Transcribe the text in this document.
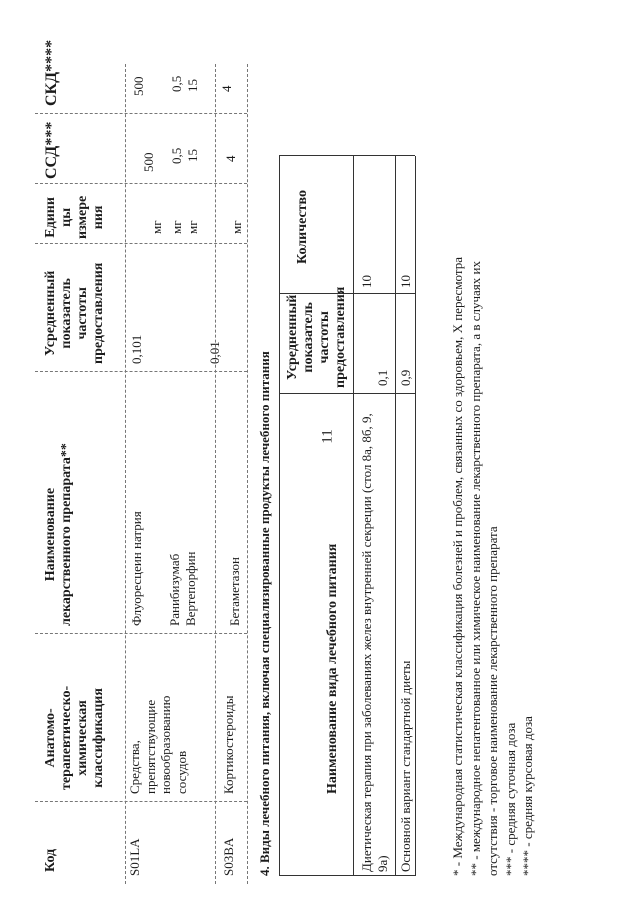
11
Код
Анатомо- терапевтическо- химическая классификация
Наименование лекарственного препарата**
Усредненный показатель частоты предоставления
Едини цы измере ния
ССД***
СКД****
S01LA
Средства, препятствующие новообразованию сосудов
Флуоресцеин натрия
0,101
мг
500
500
Ранибизумаб
мг
0,5
0,5
Вертепорфин
мг
15
15
S03BA
Кортикостероиды
0,01
Бетаметазон
мг
4
4
4. Виды лечебного питания, включая специализированные продукты лечебного питания	Наименование вида лечебного питания
Усредненный показатель частоты предоставления
Количество
Диетическая терапия при заболеваниях желез внутренней секреции (стол 8а, 8б, 9, 9а)
0,1
10
Основной вариант стандартной диеты
0,9
10	* - Международная статистическая классификация болезней и проблем, связанных со здоровьем, X пересмотра ** - международное непатентованное или химическое наименование лекарственного препарата, а в случаях их отсутствия - торговое наименование лекарственного препарата *** - средняя суточная доза **** - средняя курсовая доза
